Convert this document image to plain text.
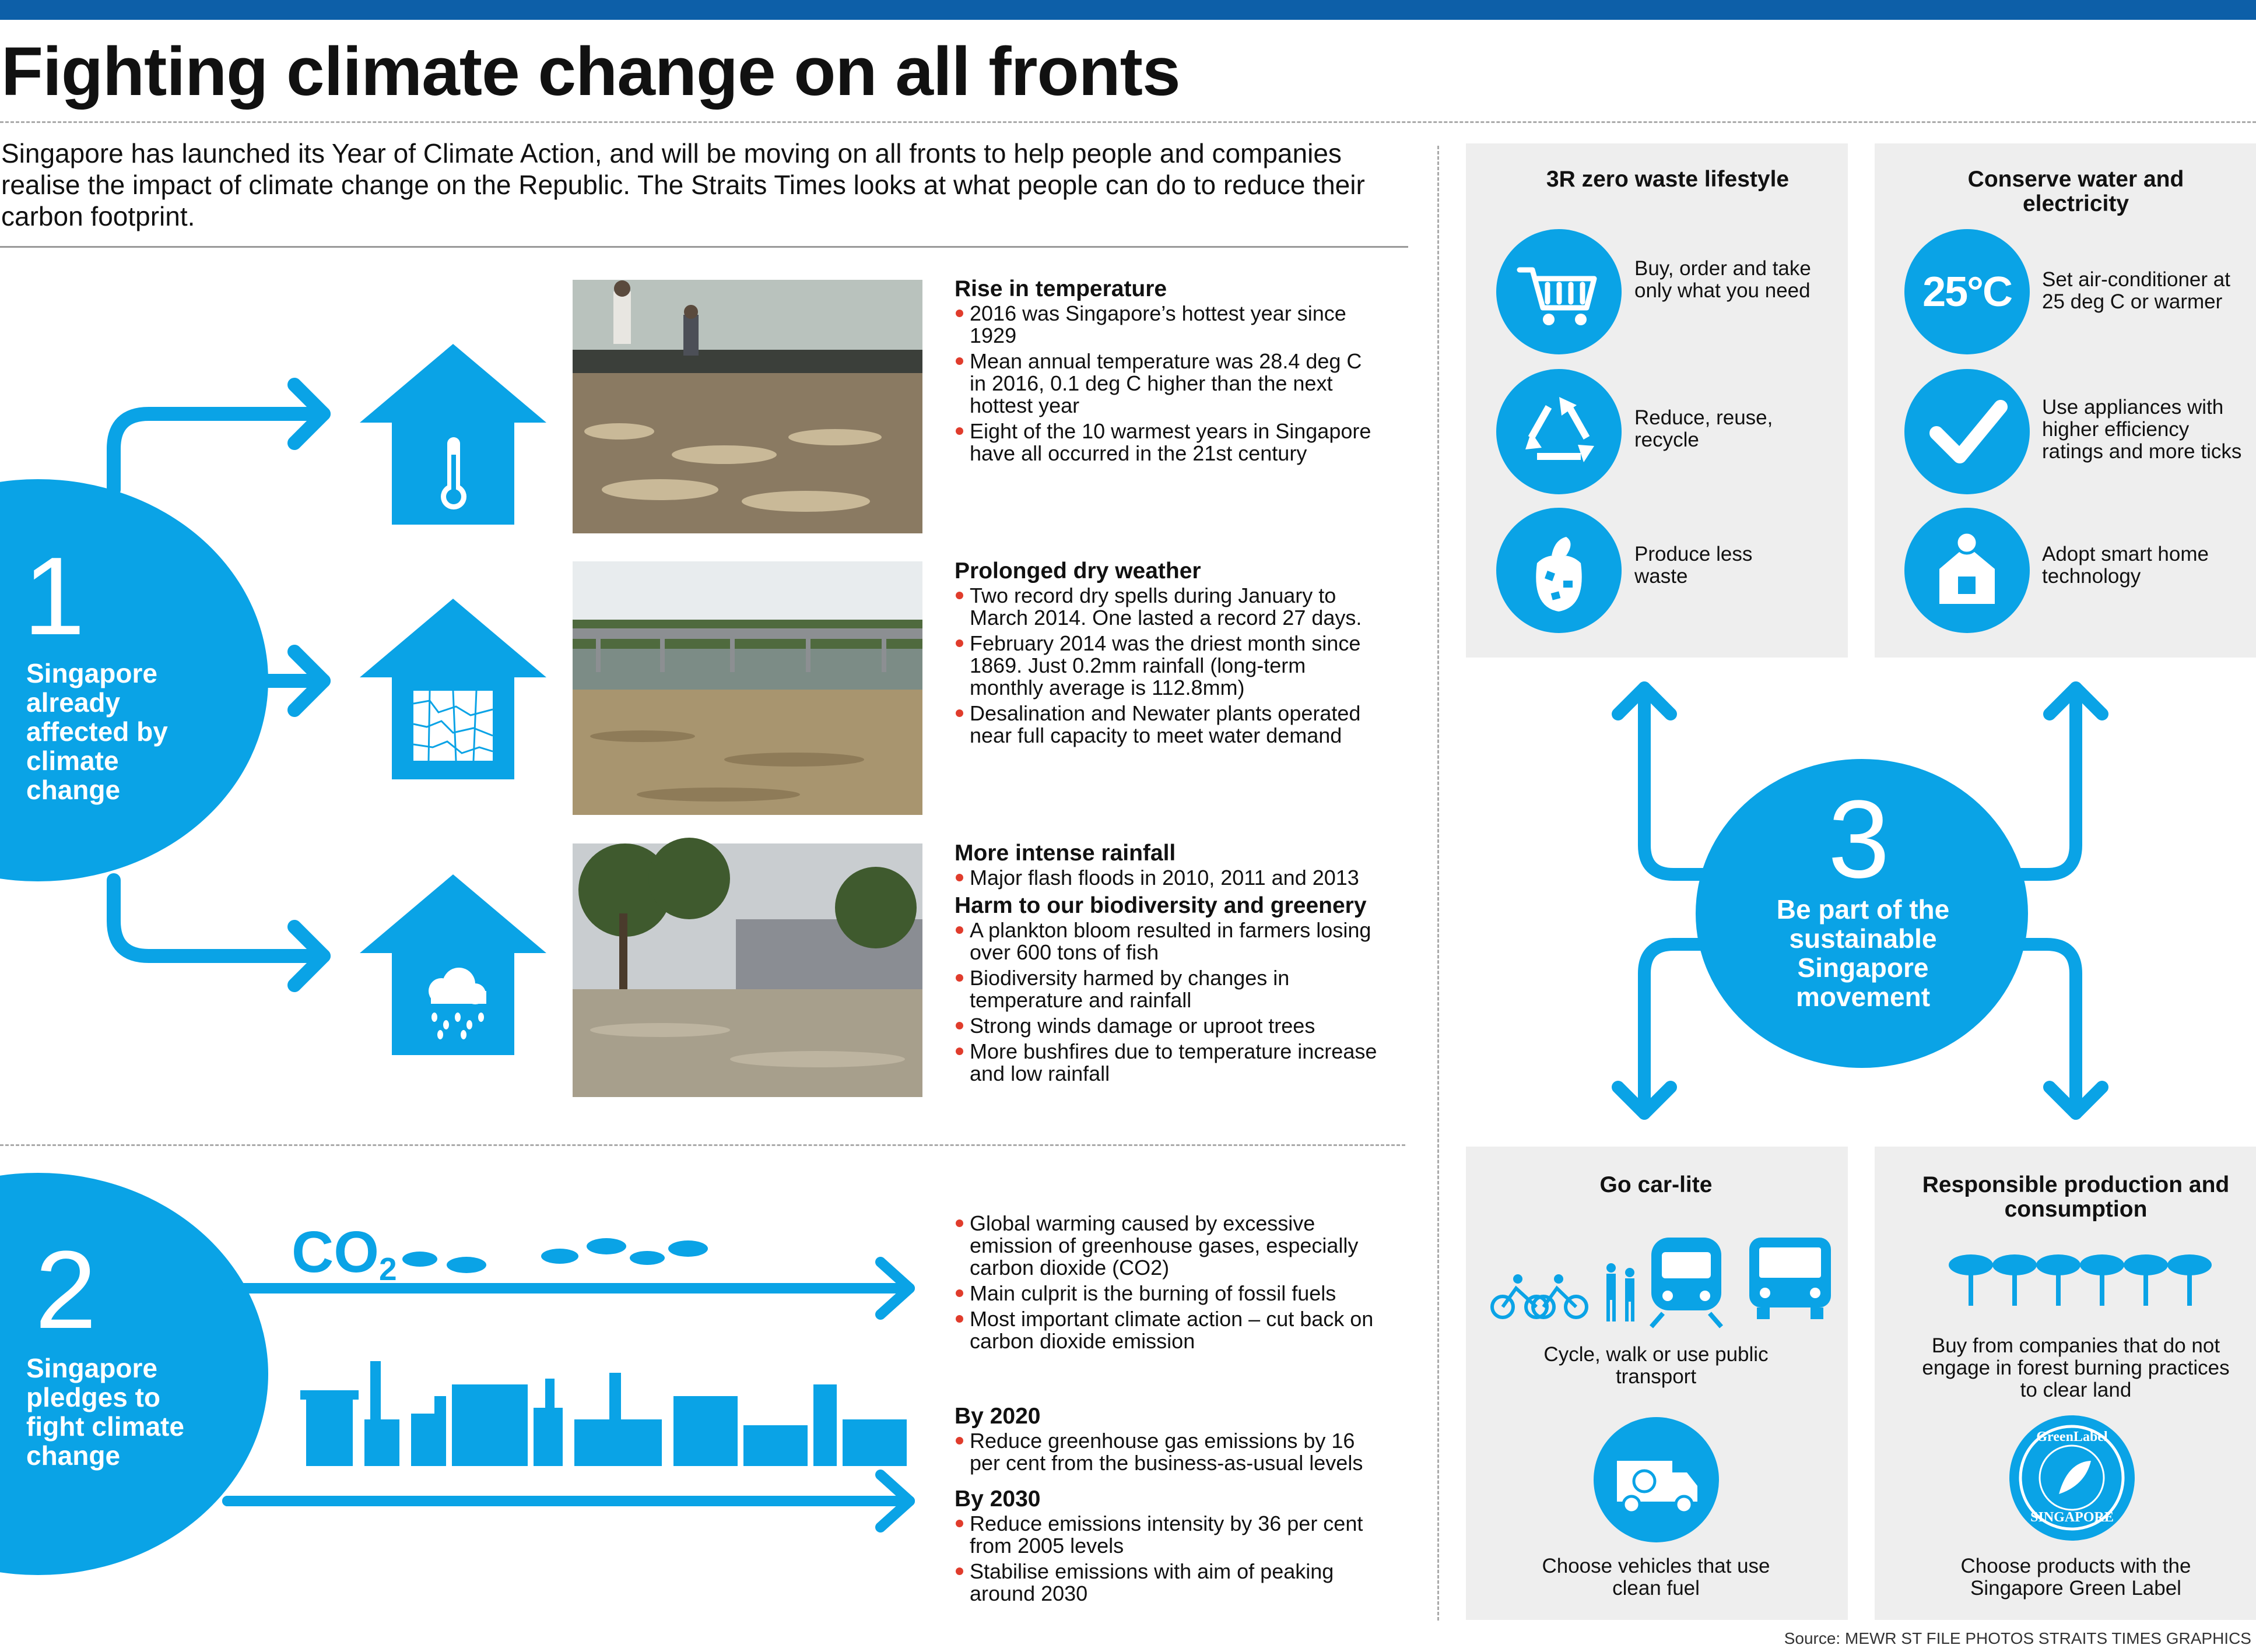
Fighting climate change on all fronts
Singapore has launched its Year of Climate Action, and will be moving on all fronts to help people and companies realise the impact of climate change on the Republic. The Straits Times looks at what people can do to reduce their carbon footprint.
1
Singapore already affected by climate change
Rise in temperature
2016 was Singapore’s hottest year since 1929
Mean annual temperature was 28.4 deg C in 2016, 0.1 deg C higher than the next hottest year
Eight of the 10 warmest years in Singapore have all occurred in the 21st century
Prolonged dry weather
Two record dry spells during January to March 2014. One lasted a record 27 days.
February 2014 was the driest month since 1869. Just 0.2mm rainfall (long-term monthly average is 112.8mm)
Desalination and Newater plants operated near full capacity to meet water demand
More intense rainfall
Major flash floods in 2010, 2011 and 2013
Harm to our biodiversity and greenery
A plankton bloom resulted in farmers losing over 600 tons of fish
Biodiversity harmed by changes in temperature and rainfall
Strong winds damage or uproot trees
More bushfires due to temperature increase and low rainfall
2
Singapore pledges to fight climate change
CO2
Global warming caused by excessive emission of greenhouse gases, especially carbon dioxide (CO2)
Main culprit is the burning of fossil fuels
Most important climate action – cut back on carbon dioxide emission
By 2020
Reduce greenhouse gas emissions by 16 per cent from the business-as-usual levels
By 2030
Reduce emissions intensity by 36 per cent from 2005 levels
Stabilise emissions with aim of peaking around 2030
3R zero waste lifestyle	Conserve water and electricity
Go car-lite	Responsible production and consumption
Buy, order and take only what you need
Reduce, reuse, recycle
Produce less waste
25°C	Set air-conditioner at 25 deg C or warmer
Use appliances with higher efficiency ratings and more ticks
Adopt smart home technology
3
Be part of the sustainable Singapore movement
Cycle, walk or use public transport
Choose vehicles that use clean fuel
Buy from companies that do not engage in forest burning practices to clear land
GreenLabel
SINGAPORE
Choose products with the Singapore Green Label
Source: MEWR ST FILE PHOTOS STRAITS TIMES GRAPHICS
